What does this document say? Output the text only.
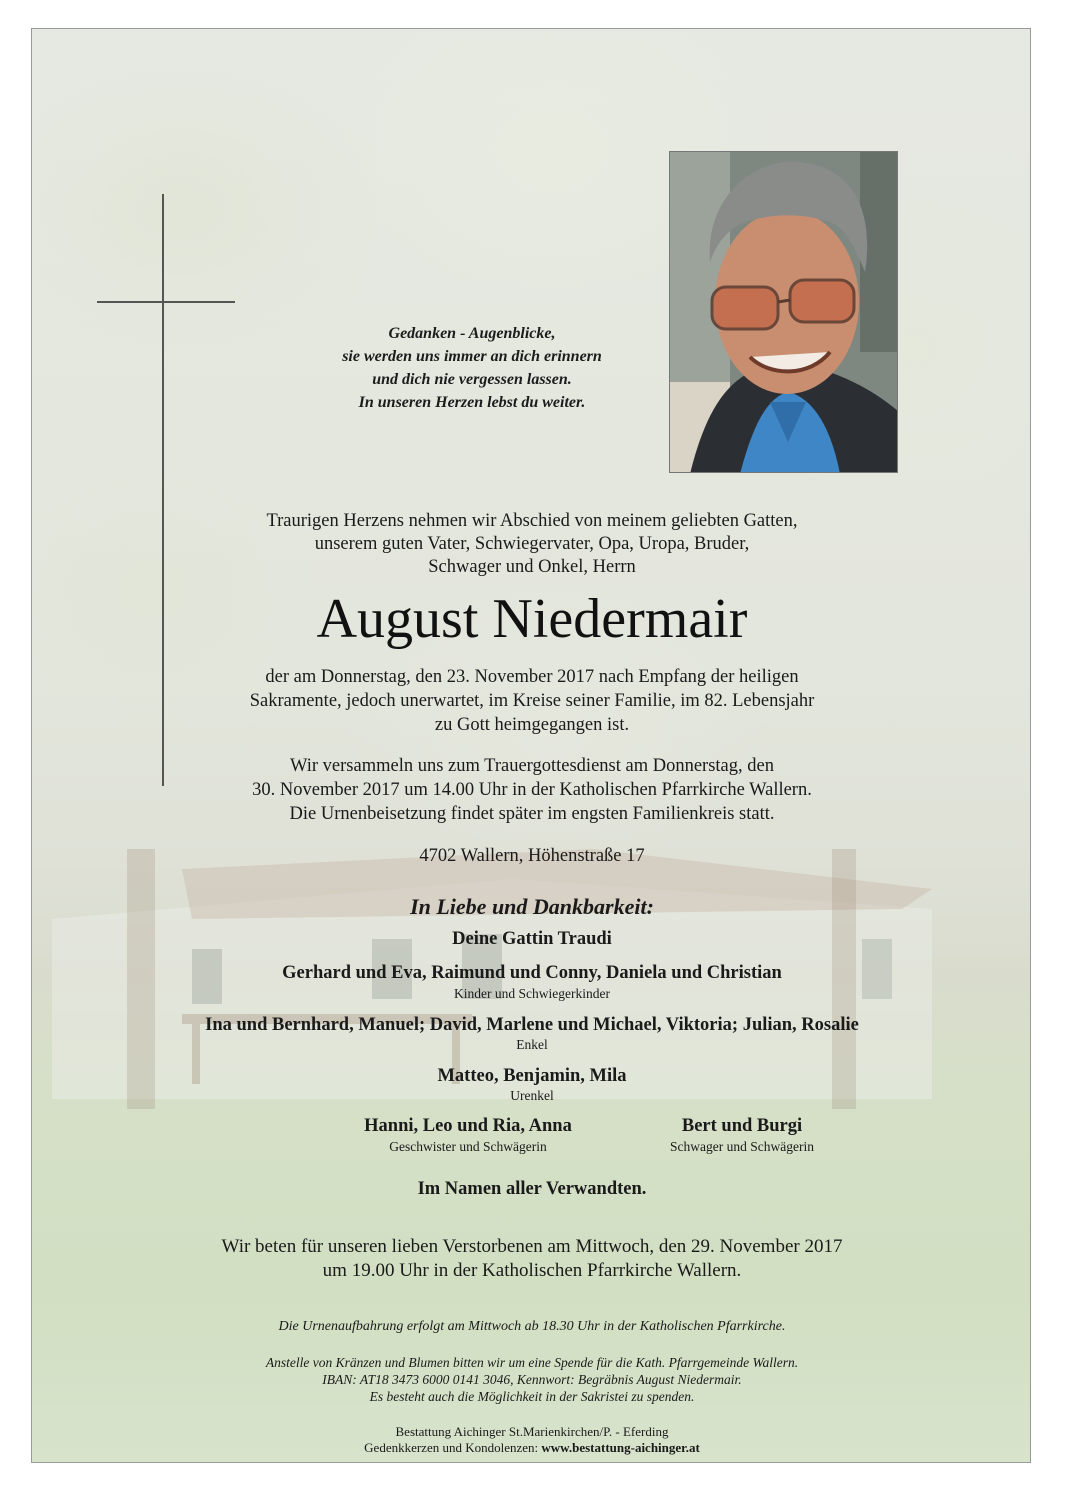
Gedanken - Augenblicke,
sie werden uns immer an dich erinnern
und dich nie vergessen lassen.
In unseren Herzen lebst du weiter.
Traurigen Herzens nehmen wir Abschied von meinem geliebten Gatten,
unserem guten Vater, Schwiegervater, Opa, Uropa, Bruder,
Schwager und Onkel, Herrn
August Niedermair
der am Donnerstag, den 23. November 2017 nach Empfang der heiligen
Sakramente, jedoch unerwartet, im Kreise seiner Familie, im 82. Lebensjahr
zu Gott heimgegangen ist.
Wir versammeln uns zum Trauergottesdienst am Donnerstag, den
30. November 2017 um 14.00 Uhr in der Katholischen Pfarrkirche Wallern.
Die Urnenbeisetzung findet später im engsten Familienkreis statt.
4702 Wallern, Höhenstraße 17
In Liebe und Dankbarkeit:
Deine Gattin Traudi
Gerhard und Eva, Raimund und Conny, Daniela und Christian
Kinder und Schwiegerkinder
Ina und Bernhard, Manuel; David, Marlene und Michael, Viktoria; Julian, Rosalie
Enkel
Matteo, Benjamin, Mila
Urenkel
Hanni, Leo und Ria, Anna
Geschwister und Schwägerin
Bert und Burgi
Schwager und Schwägerin
Im Namen aller Verwandten.
Wir beten für unseren lieben Verstorbenen am Mittwoch, den 29. November 2017
um 19.00 Uhr in der Katholischen Pfarrkirche Wallern.
Die Urnenaufbahrung erfolgt am Mittwoch ab 18.30 Uhr in der Katholischen Pfarrkirche.
Anstelle von Kränzen und Blumen bitten wir um eine Spende für die Kath. Pfarrgemeinde Wallern.
IBAN: AT18 3473 6000 0141 3046, Kennwort: Begräbnis August Niedermair.
Es besteht auch die Möglichkeit in der Sakristei zu spenden.
Bestattung Aichinger St.Marienkirchen/P. - Eferding
Gedenkkerzen und Kondolenzen: www.bestattung-aichinger.at
